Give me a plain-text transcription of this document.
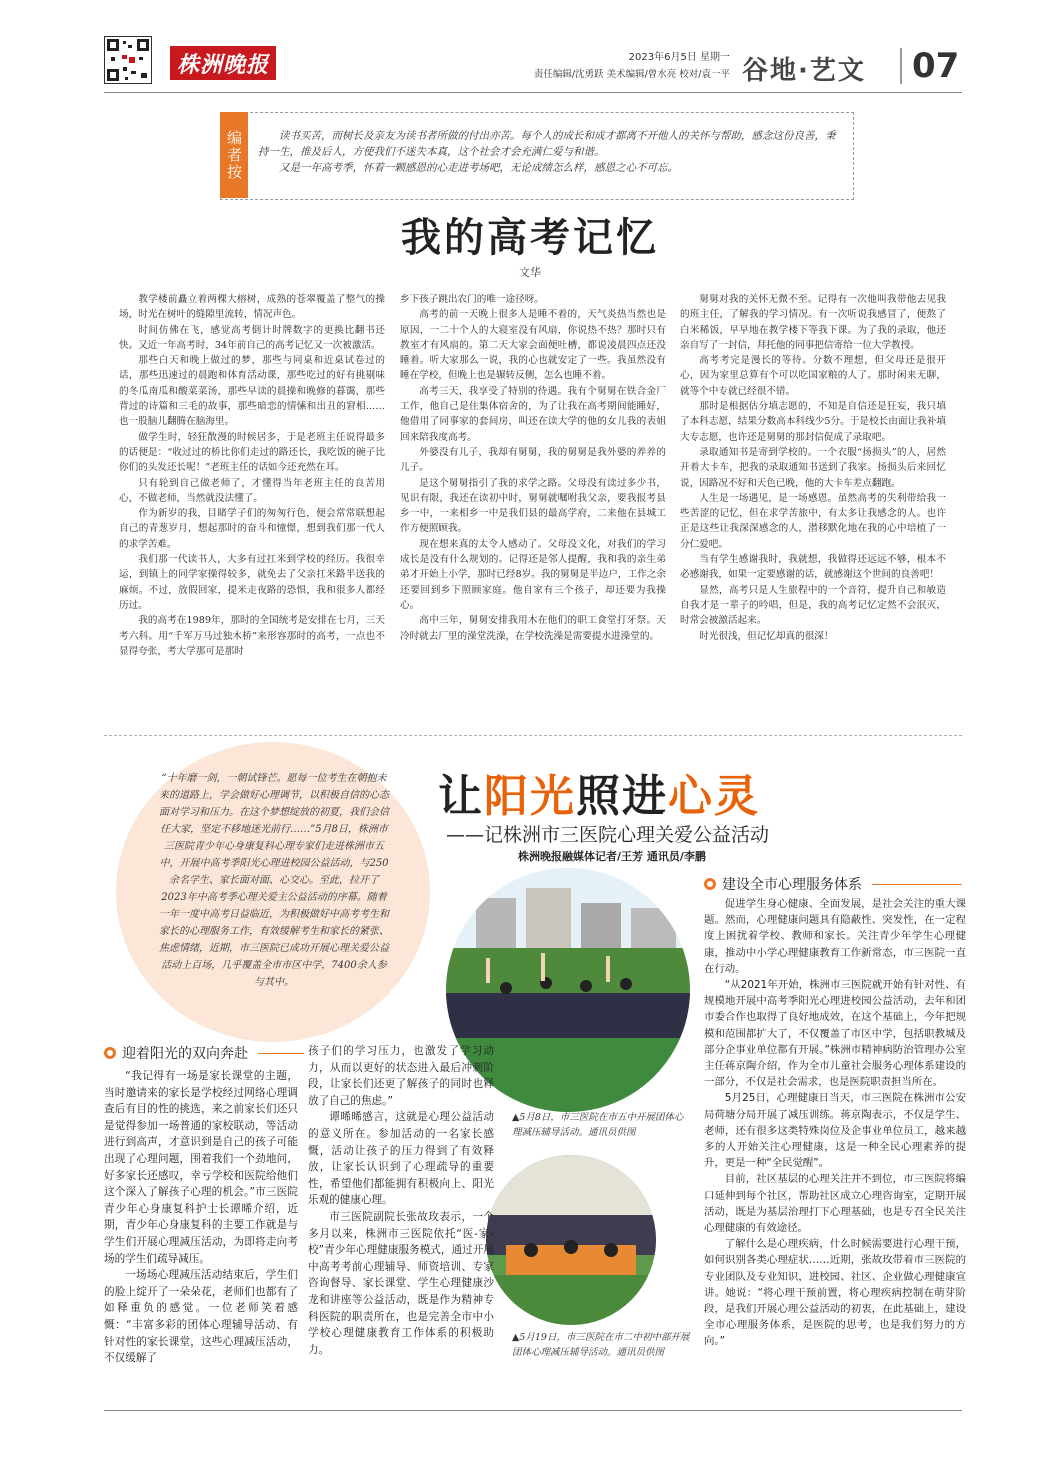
株洲晚报	2023年6月5日 星期一
责任编辑/沈勇跃 美术编辑/曾水亮 校对/袁一平 谷地·艺文 07
编者按	读书买苦，而树长及亲友为读书者所做的付出亦苦。每个人的成长和成才都离不开他人的关怀与帮助，感念这份良善，秉持一生，推及后人，方使我们不迷失本真，这个社会才会充满仁爱与和谐。

又是一年高考季，怀着一颗感恩的心走进考场吧，无论成绩怎么样，感恩之心不可忘。

我的高考记忆
文华

教学楼前矗立着两棵大榕树，成熟的苍翠覆盖了整气的操场，时光在树叶的缝隙里流转，情况声色。

时间仿佛在飞，感觉高考倒计时牌数字的更换比翻书还快。又近一年高考时，34年前自己的高考记忆又一次被激活。

那些白天和晚上做过的梦，那些与同桌和近桌试卷过的话，那些迅速过的晨跑和体育活动课，那些吃过的好有挑剔味的冬瓜南瓜和酸菜菜汤，那些早读的晨操和晚修的暮霭，那些背过的诗篇和三毛的故事，那些暗恋的情愫和出丑的窘相……也一股脑儿翻腾在脑海里。

做学生时，轻狂散漫的时候居多，于是老班主任说得最多的话便是：“收过过的桥比你们走过的路还长，我吃饭的碗子比你们的头发还长呢！”老班主任的话如今还充然在耳。

只有轮到自己做老师了，才懂得当年老班主任的良苦用心，不做老师，当然就没法懂了。

作为新岁的我，目睹学子们的匆匆行色，便会常常联想起自己的青葱岁月，想起那时的奋斗和憧憬，想到我们那一代人的求学苦难。

我们那一代读书人，大多有过扛米到学校的经历。我很幸运，到镇上的同学家操得较多，就免去了父亲扛米路半送我的麻烦。不过，放假回家，提米走夜路的恐惧，我和很多人都经历过。

我的高考在1989年，那时的全国统考是安排在七月，三天考六科。用“千军万马过独木桥”来形容那时的高考，一点也不显得夸张，考大学那可是那时

乡下孩子跳出农门的唯一途径呀。

高考的前一天晚上很多人是睡不着的，天气炎热当然也是原因，一二十个人的大寝室没有风扇，你说热不热？那时只有教室才有风扇的。第二天大家会面便吐槽，都说凌晨四点还没睡着。听大家那么一说，我的心也就安定了一些。我虽然没有睡在学校，但晚上也是辗转反侧，怎么也睡不着。

高考三天，我享受了特别的待遇。我有个舅舅在铁合金厂工作，他自己是住集体宿舍的，为了让我在高考期间能睡好，他借用了同事家的套间房，叫还在读大学的他的女儿我的表姐回来陪我度高考。

外婆没有儿子，我却有舅舅，我的舅舅是我外婆的养养的儿子。

是这个舅舅指引了我的求学之路。父母没有读过多少书，见识有限，我还在读初中时，舅舅就嘱咐我父亲，要我报考县乡一中，一来相乡一中是我们县的最高学府，二来他在县城工作方便照顾我。

现在想来真的太令人感动了。父母没文化，对我们的学习成长是没有什么规划的。记得还是邻人提醒，我和我的亲生弟弟才开始上小学，那时已经8岁。我的舅舅是半边户，工作之余还要回到乡下照顾家庭。他自家有三个孩子，却还要为我操心。

高中三年，舅舅安排我用木在他们的职工食堂打牙祭。天冷时就去厂里的澡堂洗澡，在学校洗澡是需要提水进澡堂的。

舅舅对我的关怀无微不至。记得有一次他叫我带他去见我的班主任，了解我的学习情况。有一次听说我感冒了，便熬了白米稀饭，早早地在教学楼下等我下课。为了我的录取，他还亲自写了一封信，拜托他的同事把信寄给一位大学教授。

高考考完是漫长的等待。分数不理想，但父母还是很开心，因为家里总算有个可以吃国家粮的人了。那时闲来无聊，就等个中专就已经很不错。

那时是根据估分填志愿的，不知是自信还是狂妄，我只填了本科志愿，结果分数高本科线少5分。于是校长由面让我补填大专志愿，也许还是舅舅的那封信促成了录取吧。

录取通知书是寄到学校的。一个衣服“扬损头”的人，居然开着大卡车，把我的录取通知书送到了我家。扬损头后来回忆说，因路况不好和天色已晚，他的大卡车差点翻跑。

人生是一场遇见，是一场感恩。虽然高考的失利带给我一些苦涩的记忆，但在求学苦旅中，有太多让我感念的人。也许正是这些让我深深感念的人，潜移默化地在我的心中培植了一分仁爱吧。

当有学生感谢我时，我就想，我做得还远远不够，根本不必感谢我，如果一定要感谢的话，就感谢这个世间的良善吧！

显然，高考只是人生旅程中的一个音符，提升自己和敏造自我才是一辈子的吟唱，但是，我的高考记忆定然不会泯灭，时常会被激活起来。

时光很浅，但记忆却真的很深！

“十年磨一剑，一朝试锋芒。愿每一位考生在朝抱未来的道路上，学会做好心理调节，以积极自信的心态面对学习和压力。在这个梦想绽放的初夏，我们会信任大家，坚定不移地迷光前行……”5月8日，株洲市三医院青少年心身康复科心理专家们走进株洲市五中，开展中高考季阳光心理进校园公益活动，与250余名学生、家长面对面、心交心。至此，拉开了2023年中高考季心理关爱主公益活动的序幕。随着一年一度中高考日益临近，为积极做好中高考考生和家长的心理服务工作，有效缓解考生和家长的紧张、焦虑情绪，近期，市三医院已成功开展心理关爱公益活动上百场，几乎覆盖全市市区中学，7400余人参与其中。
让阳光照进心灵
——记株洲市三医院心理关爱公益活动
株洲晚报融媒体记者/王芳 通讯员/李鹏
▲5月8日，市三医院在市五中开展团体心理减压辅导活动。通讯员供图
▲5月19日，市三医院在市二中初中部开展团体心理减压辅导活动。通讯员供图
迎着阳光的双向奔赴

“我记得有一场是家长课堂的主题，当时邀请来的家长是学校经过网络心理调查后有目的性的挑选，来之前家长们还只是觉得参加一场普通的家校联动，等活动进行到高声，才意识到是自己的孩子可能出现了心理问题，围着我们一个劲地问，好多家长还感叹，幸亏学校和医院给他们这个深入了解孩子心理的机会。”市三医院青少年心身康复科护士长谭晞介绍，近期，青少年心身康复科的主要工作就是与学生们开展心理减压活动，为即将走向考场的学生们疏导减压。

一场场心理减压活动结束后，学生们的脸上绽开了一朵朵花，老师们也都有了如释重负的感觉。一位老师笑着感慨：“丰富多彩的团体心理辅导活动、有针对性的家长课堂，这些心理减压活动，不仅缓解了

孩子们的学习压力，也激发了学习动力，从而以更好的状态进入最后冲刺阶段，让家长们还更了解孩子的同时也释放了自己的焦虑。”

谭晞晞感言，这就是心理公益活动的意义所在。参加活动的一名家长感慨，活动让孩子的压力得到了有效释放，让家长认识到了心理疏导的重要性，希望他们都能拥有积极向上、阳光乐观的健康心理。

市三医院副院长张故玫表示，一个多月以来，株洲市三医院依托“医-家-校”青少年心理健康服务模式，通过开展中高考考前心理辅导、师资培训、专家咨询督导、家长课堂、学生心理健康沙龙和讲座等公益活动，既是作为精神专科医院的职责所在，也是完善全市中小学校心理健康教育工作体系的积极助力。

建设全市心理服务体系

促进学生身心健康、全面发展，是社会关注的重大课题。然而，心理健康问题具有隐蔽性、突发性，在一定程度上困扰着学校、教师和家长。关注青少年学生心理健康，推动中小学心理健康教育工作新常态，市三医院一直在行动。

“从2021年开始，株洲市三医院就开始有针对性、有规模地开展中高考季阳光心理进校园公益活动，去年和团市委合作也取得了良好地成效，在这个基础上，今年把规模和范围都扩大了，不仅覆盖了市区中学，包括职教城及部分企事业单位都有开展。”株洲市精神病防治管理办公室主任蒋京陶介绍，作为全市儿童社会服务心理体系建设的一部分，不仅是社会需求，也是医院职责担当所在。

5月25日，心理健康日当天，市三医院在株洲市公安局荷塘分局开展了减压训练。蒋京陶表示，不仅是学生、老师，还有很多这类特殊岗位及企事业单位员工，越来越多的人开始关注心理健康，这是一种全民心理素养的提升，更是一种“全民觉醒”。

目前，社区基层的心理关注并不到位，市三医院将编口延伸到每个社区，帮助社区成立心理咨询室，定期开展活动，既是为基层治理打下心理基础，也是专召全民关注心理健康的有效途径。

了解什么是心理疾病，什么时候需要进行心理干预，如何识别各类心理症状……近期，张故玫带着市三医院的专业团队及专业知识，进校园、社区、企业做心理健康宣讲。她说：“将心理干预前置，将心理疾病控制在萌芽阶段，是我们开展心理公益活动的初衷，在此基础上，建设全市心理服务体系，是医院的思考，也是我们努力的方向。”
